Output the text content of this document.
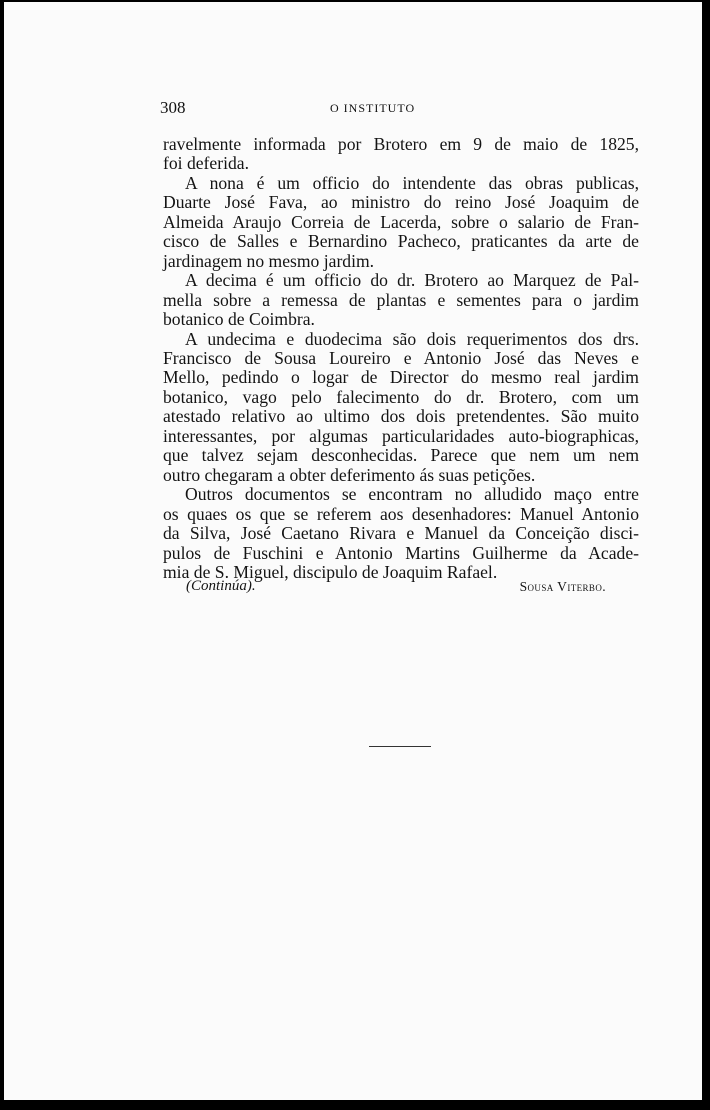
308	O INSTITUTO
ravelmente informada por Brotero em 9 de maio de 1825,
foi deferida.
A nona é um officio do intendente das obras publicas,
Duarte José Fava, ao ministro do reino José Joaquim de
Almeida Araujo Correia de Lacerda, sobre o salario de Fran-
cisco de Salles e Bernardino Pacheco, praticantes da arte de
jardinagem no mesmo jardim.
A decima é um officio do dr. Brotero ao Marquez de Pal-
mella sobre a remessa de plantas e sementes para o jardim
botanico de Coimbra.
A undecima e duodecima são dois requerimentos dos drs.
Francisco de Sousa Loureiro e Antonio José das Neves e
Mello, pedindo o logar de Director do mesmo real jardim
botanico, vago pelo falecimento do dr. Brotero, com um
atestado relativo ao ultimo dos dois pretendentes. São muito
interessantes, por algumas particularidades auto-biographicas,
que talvez sejam desconhecidas. Parece que nem um nem
outro chegaram a obter deferimento ás suas petições.
Outros documentos se encontram no alludido maço entre
os quaes os que se referem aos desenhadores: Manuel Antonio
da Silva, José Caetano Rivara e Manuel da Conceição disci-
pulos de Fuschini e Antonio Martins Guilherme da Acade-
mia de S. Miguel, discipulo de Joaquim Rafael.
(Continúa).	Sousa Viterbo.
